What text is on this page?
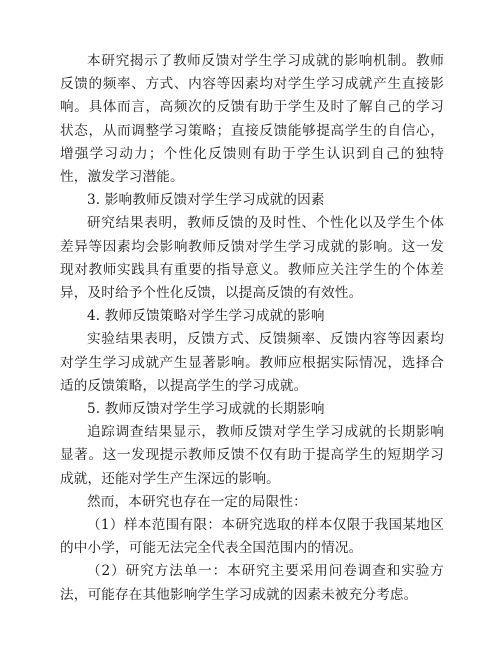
本研究揭示了教师反馈对学生学习成就的影响机制。教师反馈的频率、方式、内容等因素均对学生学习成就产生直接影响。具体而言，高频次的反馈有助于学生及时了解自己的学习状态，从而调整学习策略；直接反馈能够提高学生的自信心，增强学习动力；个性化反馈则有助于学生认识到自己的独特性，激发学习潜能。

3. 影响教师反馈对学生学习成就的因素

研究结果表明，教师反馈的及时性、个性化以及学生个体差异等因素均会影响教师反馈对学生学习成就的影响。这一发现对教师实践具有重要的指导意义。教师应关注学生的个体差异，及时给予个性化反馈，以提高反馈的有效性。

4. 教师反馈策略对学生学习成就的影响

实验结果表明，反馈方式、反馈频率、反馈内容等因素均对学生学习成就产生显著影响。教师应根据实际情况，选择合适的反馈策略，以提高学生的学习成就。

5. 教师反馈对学生学习成就的长期影响

追踪调查结果显示，教师反馈对学生学习成就的长期影响显著。这一发现提示教师反馈不仅有助于提高学生的短期学习成就，还能对学生产生深远的影响。

然而，本研究也存在一定的局限性：

（1）样本范围有限：本研究选取的样本仅限于我国某地区的中小学，可能无法完全代表全国范围内的情况。

（2）研究方法单一：本研究主要采用问卷调查和实验方法，可能存在其他影响学生学习成就的因素未被充分考虑。
